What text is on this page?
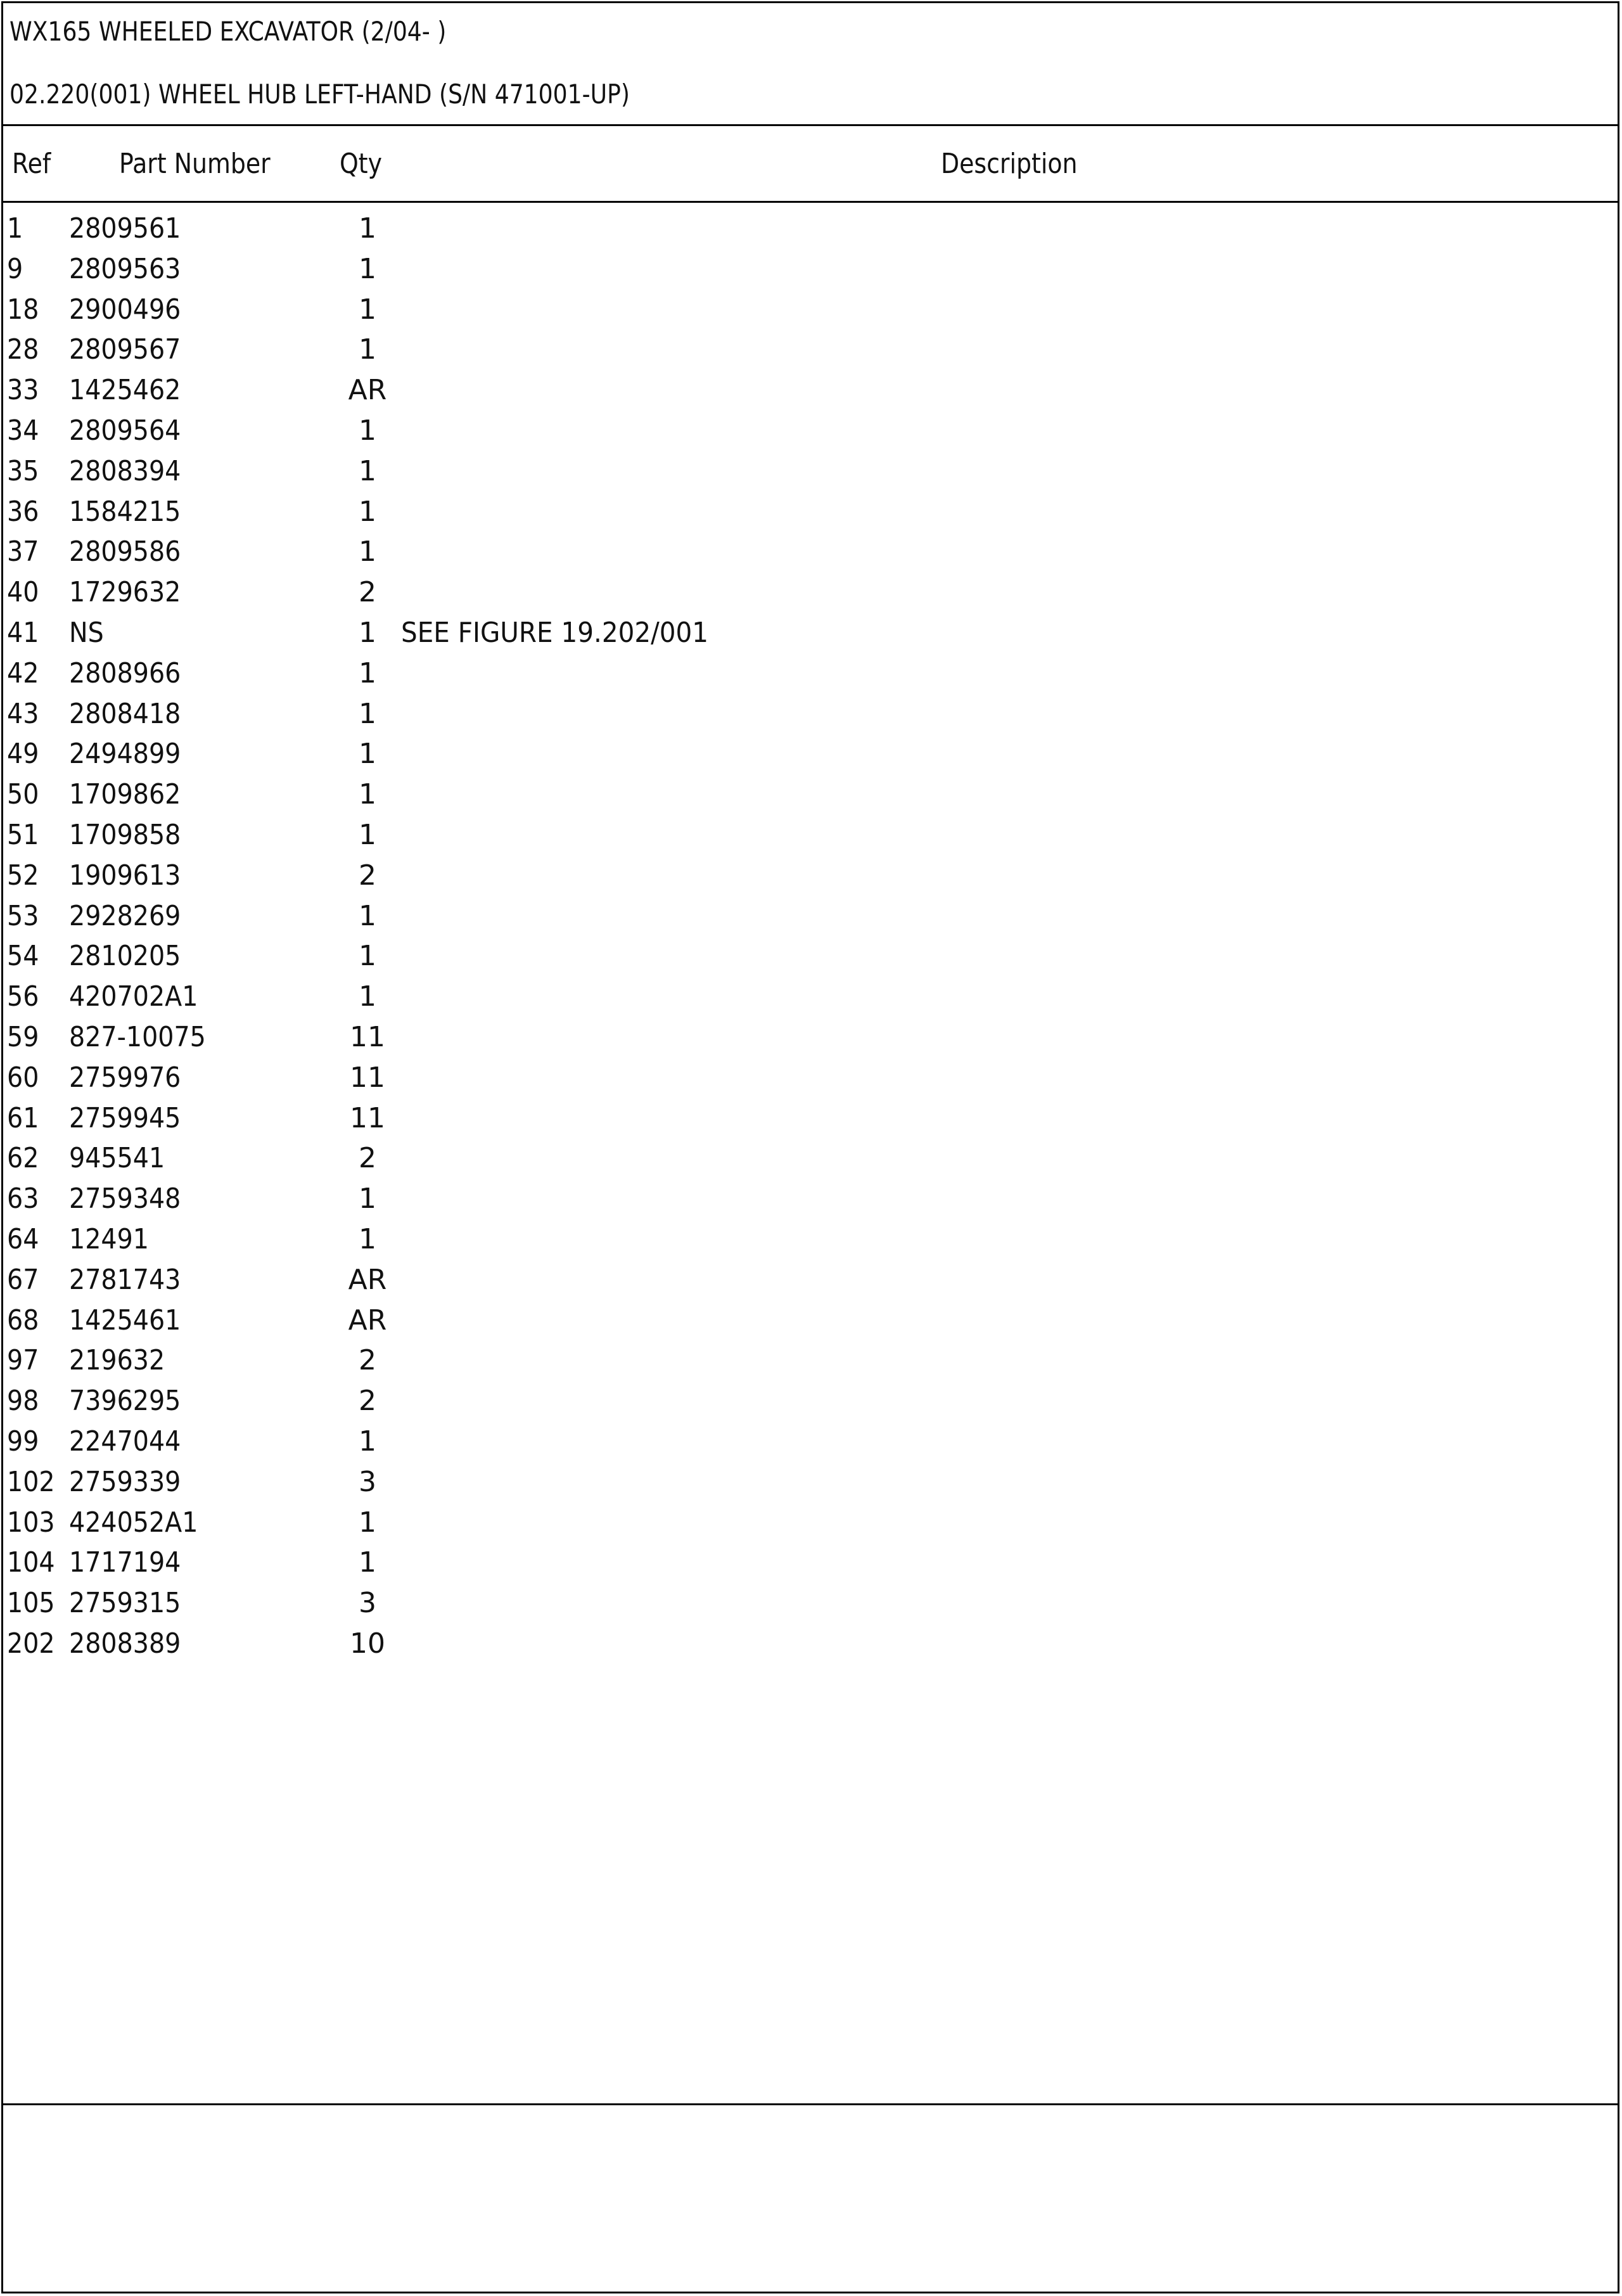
WX165 WHEELED EXCAVATOR (2/04- )
02.220(001) WHEEL HUB LEFT-HAND (S/N 471001-UP)
Ref Part Number Qty	Description
1	2809561	1
9	2809563	1
18	2900496	1
28	2809567	1
33	1425462	AR
34	2809564	1
35	2808394	1
36	1584215	1
37	2809586	1
40	1729632	2
41	NS	1 SEE FIGURE 19.202/001
42	2808966	1
43	2808418	1
49	2494899	1
50	1709862	1
51	1709858	1
52	1909613	2
53	2928269	1
54	2810205	1
56	420702A1	1
59	827-10075	11
60	2759976	11
61	2759945	11
62	945541	2
63	2759348	1
64	12491	1
67	2781743	AR
68	1425461	AR
97	219632	2
98	7396295	2
99	2247044	1
102 2759339	3
103 424052A1	1
104 1717194	1
105 2759315	3
202 2808389	10
